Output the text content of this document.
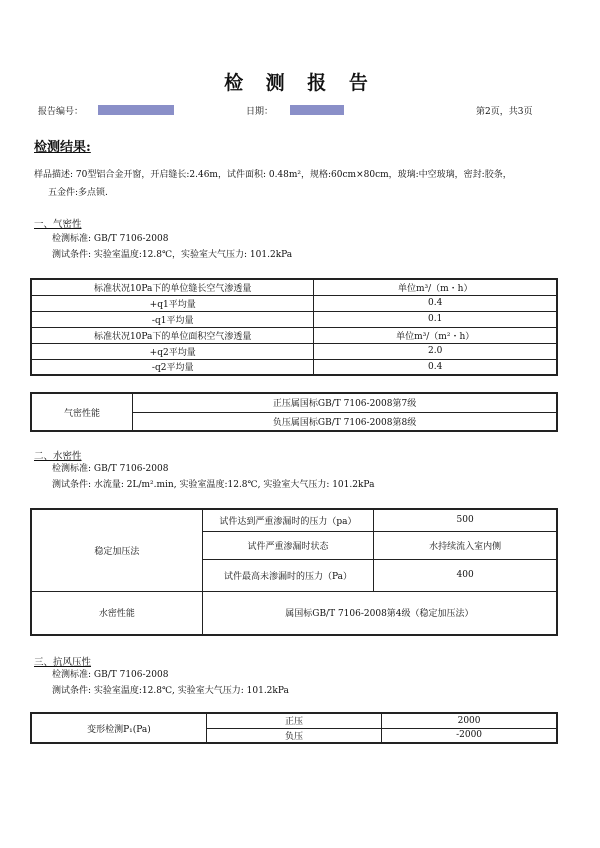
检 测 报 告
报告编号：	日期：	第2页，共3页
检测结果:
样品描述: 70型铝合金开窗，开启缝长:2.46m，试件面积: 0.48m²，规格:60cm×80cm，玻璃:中空玻璃，密封:胶条，
五金件:多点锁.
一、气密性
检测标准: GB/T 7106-2008
测试条件: 实验室温度:12.8℃，实验室大气压力: 101.2kPa
标准状况10Pa下的单位缝长空气渗透量	单位m³/（m・h）
+q1平均量	0.4
-q1平均量	0.1
标准状况10Pa下的单位面积空气渗透量	单位m³/（m²・h）
+q2平均量	2.0
-q2平均量	0.4
气密性能	正压属国标GB/T 7106-2008第7级
负压属国标GB/T 7106-2008第8级
二、水密性
检测标准: GB/T 7106-2008
测试条件: 水流量: 2L/m².min, 实验室温度:12.8℃, 实验室大气压力: 101.2kPa
稳定加压法	试件达到严重渗漏时的压力（pa）	500
	试件严重渗漏时状态	水持续流入室内侧
	试件最高未渗漏时的压力（Pa）	400
水密性能	属国标GB/T 7106-2008第4级（稳定加压法）	
三、抗风压性
检测标准: GB/T 7106-2008
测试条件: 实验室温度:12.8℃, 实验室大气压力: 101.2kPa
变形检测P₁(Pa)	正压	2000
	负压	-2000
